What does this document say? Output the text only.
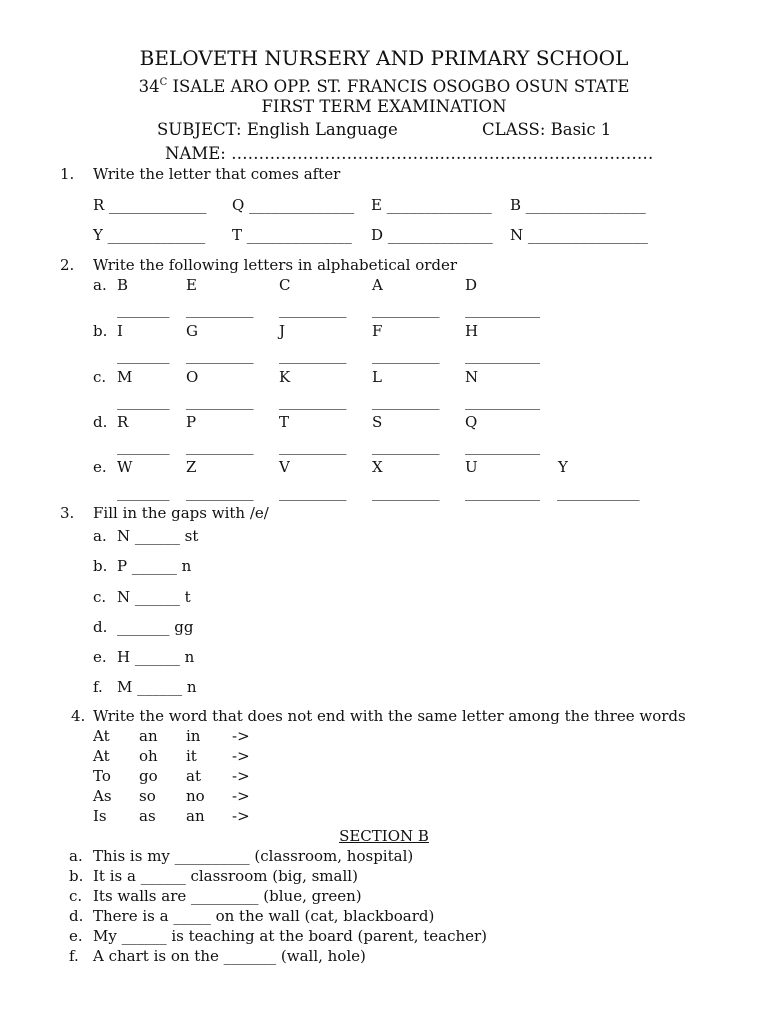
BELOVETH NURSERY AND PRIMARY SCHOOL
$34^C$ ISALE ARO OPP. ST. FRANCIS OSOGBO OSUN STATE
FIRST TERM EXAMINATION
SUBJECT: English Language	CLASS: Basic 1
NAME: ………………………………...…………..……………………
1. Write the letter that comes after
R _____________ Q ______________ E ______________ B ________________
Y _____________ T ______________ D ______________ N ________________
2. Write the following letters in alphabetical order
a. B	E	C	A	D
_______ _________ _________ _________ __________
b. I	G	J	F	H
_______ _________ _________ _________ __________
c. M	O	K	L	N
_______ _________ _________ _________ __________
d. R	P	T	S	Q
_______ _________ _________ _________ __________
e. W	Z	V	X	U	Y
_______ _________ _________ _________ __________ ___________
3. Fill in the gaps with /e/
a. N ______ st
b. P ______ n
c. N ______ t
d. _______ gg
e. H ______ n
f. M ______ n
4. Write the word that does not end with the same letter among the three words
At an in ->
At oh it ->
To go at ->
As so no ->
Is as an ->
SECTION B
a. This is my __________ (classroom, hospital)
b. It is a ______ classroom (big, small)
c. Its walls are _________ (blue, green)
d. There is a _____ on the wall (cat, blackboard)
e. My ______ is teaching at the board (parent, teacher)
f. A chart is on the _______ (wall, hole)
